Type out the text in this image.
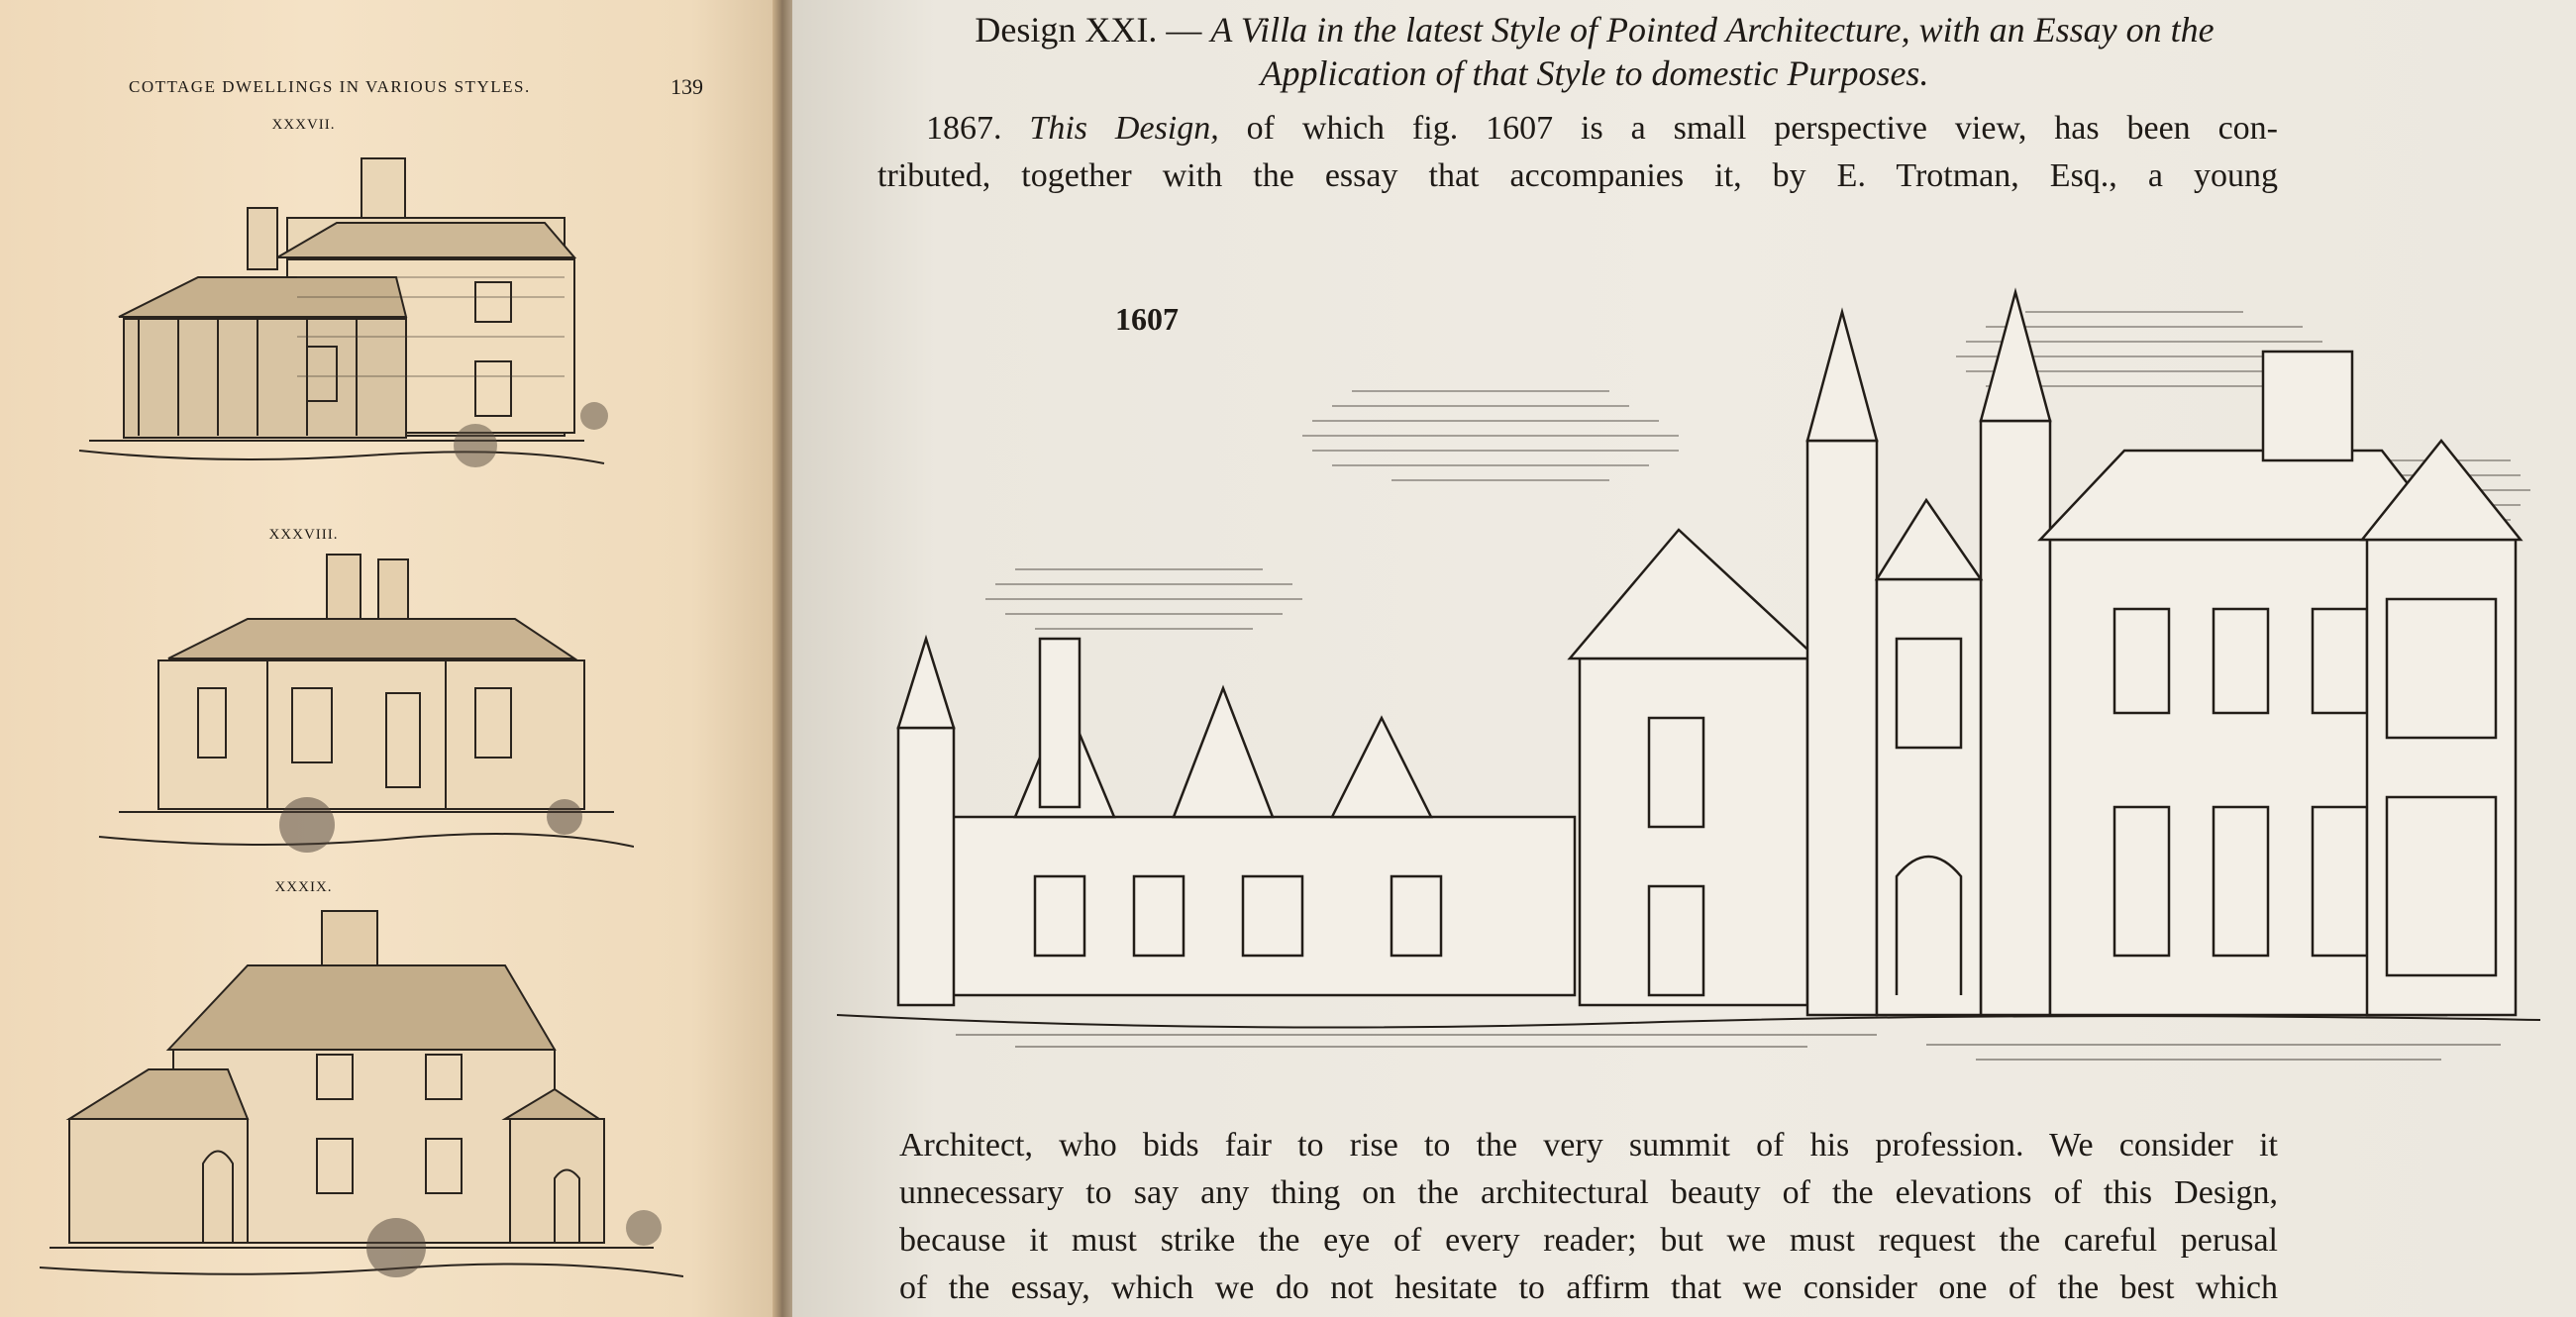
COTTAGE DWELLINGS IN VARIOUS STYLES.	139
XXXVII.
XXXVIII.
XXXIX.
Design XXI. — A Villa in the latest Style of Pointed Architecture, with an Essay on the
Application of that Style to domestic Purposes.
1867. This Design, of which fig. 1607 is a small perspective view, has been con-
tributed, together with the essay that accompanies it, by E. Trotman, Esq., a young
1607
Architect, who bids fair to rise to the very summit of his profession. We consider it
unnecessary to say any thing on the architectural beauty of the elevations of this Design,
because it must strike the eye of every reader; but we must request the careful perusal
of the essay, which we do not hesitate to affirm that we consider one of the best which
